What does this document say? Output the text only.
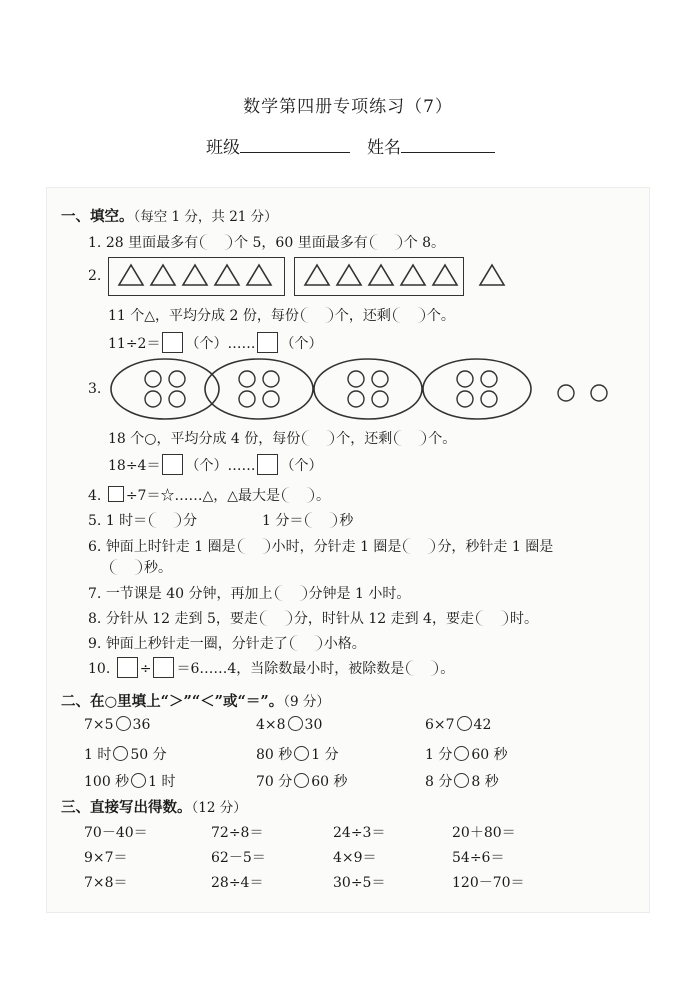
数学第四册专项练习（7）
班级	姓名
一、填空。（每空 1 分，共 21 分）
1. 28 里面最多有	个 5，60 里面最多有	个 8。
2.
11 个△，平均分成 2 份，每份	个，还剩	个。
11÷2＝ （个）…… （个）
3.
18 个○，平均分成 4 份，每份	个，还剩	个。
18÷4＝ （个）…… （个）
4. ÷7＝☆……△，△最大是	。
5. 1 时＝	分	1 分＝	秒
6. 钟面上时针走 1 圈是	小时，分针走 1 圈是	分，秒针走 1 圈是
秒。
7. 一节课是 40 分钟，再加上	分钟是 1 小时。
8. 分针从 12 走到 5，要走	分，时针从 12 走到 4，要走	时。
9. 钟面上秒针走一圈，分针走了	小格。
10. ÷ ＝6……4，当除数最小时，被除数是	。
二、在○里填上“＞”“＜”或“＝”。（9 分）
7×5 36	4×8 30	6×7 42
1 时 50 分	80 秒 1 分	1 分 60 秒
100 秒 1 时	70 分 60 秒	8 分 8 秒
三、直接写出得数。（12 分）
70－40＝	72÷8＝	24÷3＝	20＋80＝
9×7＝	62－5＝	4×9＝	54÷6＝
7×8＝	28÷4＝	30÷5＝	120－70＝
